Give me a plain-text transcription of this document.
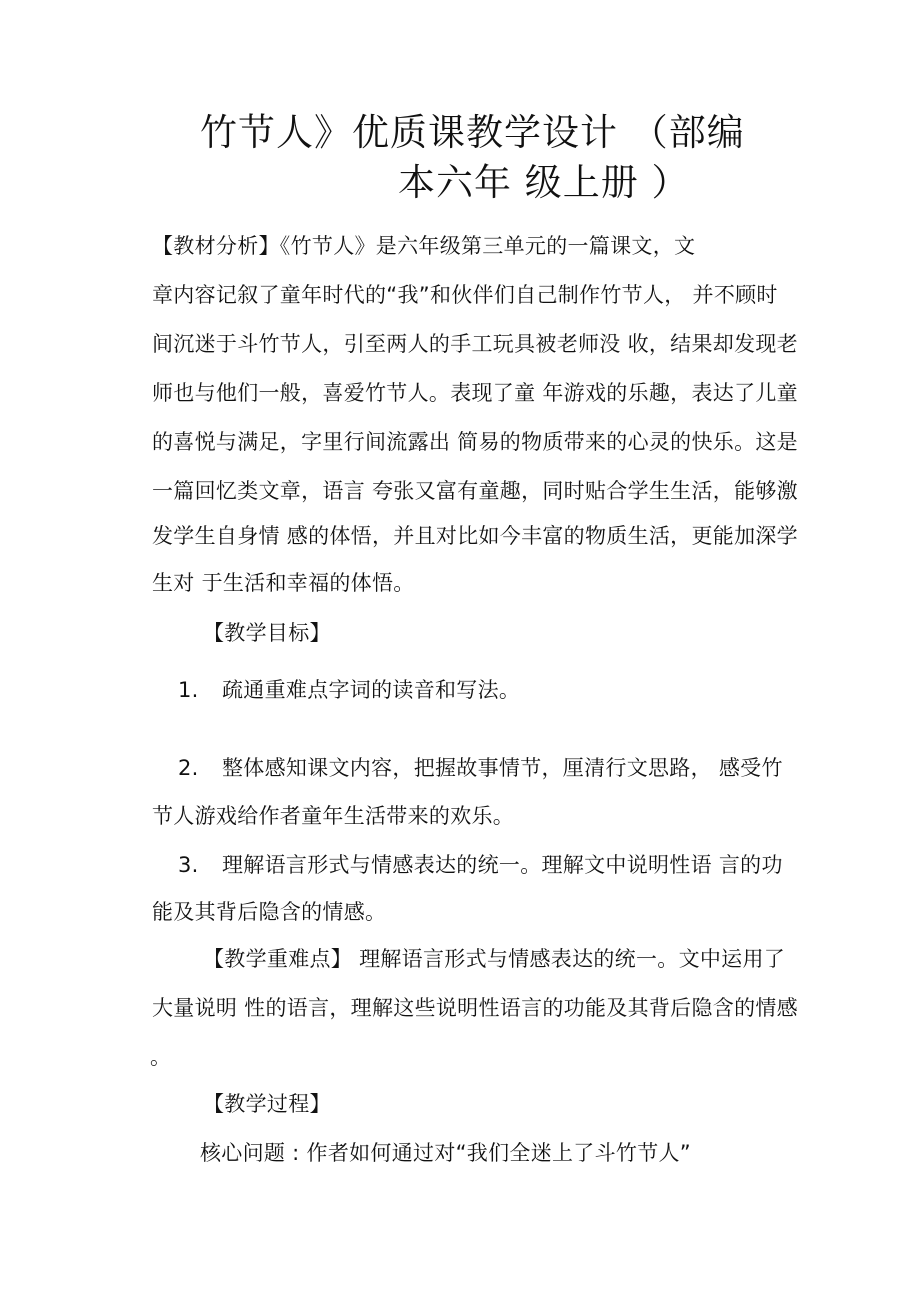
竹节人》优质课教学设计 （部编
本六年 级上册 ）
【教材分析】《竹节人》是六年级第三单元的一篇课文，文
章内容记叙了童年时代的“我”和伙伴们自己制作竹节人， 并不顾时
间沉迷于斗竹节人，引至两人的手工玩具被老师没 收，结果却发现老
师也与他们一般，喜爱竹节人。表现了童 年游戏的乐趣，表达了儿童
的喜悦与满足，字里行间流露出 简易的物质带来的心灵的快乐。这是
一篇回忆类文章，语言 夸张又富有童趣，同时贴合学生生活，能够激
发学生自身情 感的体悟，并且对比如今丰富的物质生活，更能加深学
生对 于生活和幸福的体悟。
【教学目标】
1. 疏通重难点字词的读音和写法。
2. 整体感知课文内容，把握故事情节，厘清行文思路， 感受竹
节人游戏给作者童年生活带来的欢乐。
3. 理解语言形式与情感表达的统一。理解文中说明性语 言的功
能及其背后隐含的情感。
【教学重难点】 理解语言形式与情感表达的统一。文中运用了
大量说明 性的语言，理解这些说明性语言的功能及其背后隐含的情感
。
【教学过程】
核心问题 : 作者如何通过对“我们全迷上了斗竹节人”
